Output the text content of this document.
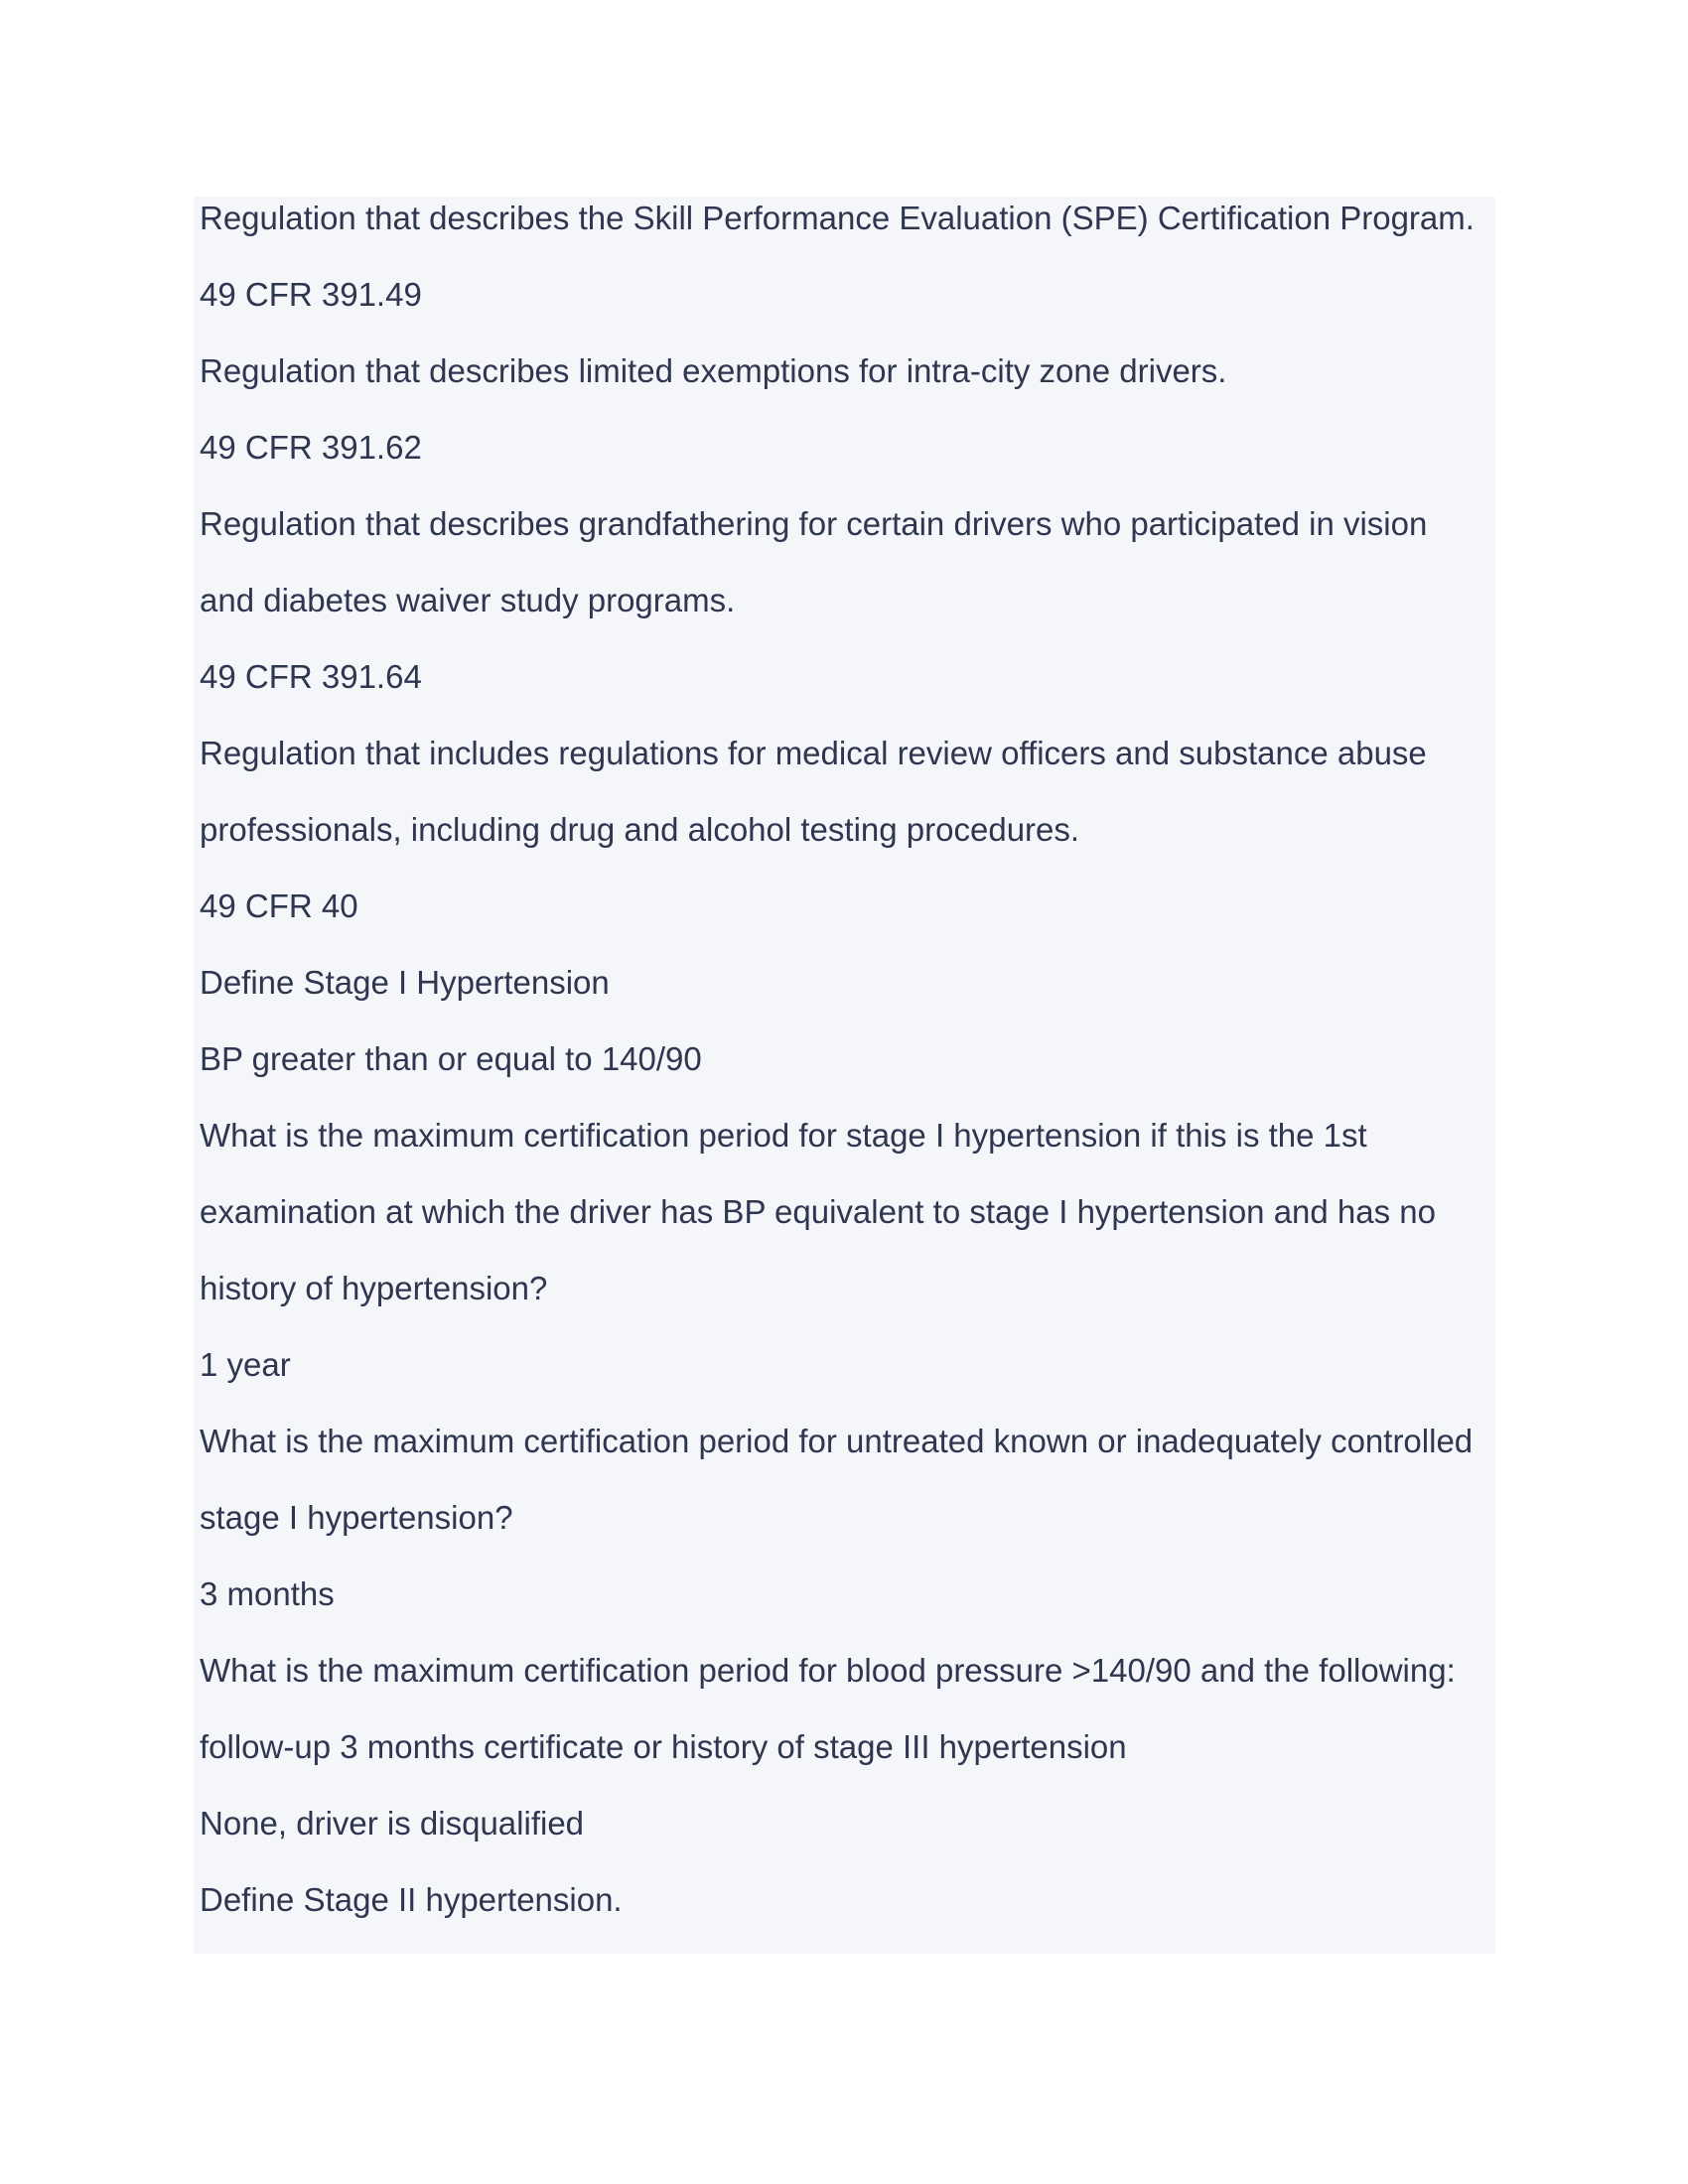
Regulation that describes the Skill Performance Evaluation (SPE) Certification Program.
49 CFR 391.49
Regulation that describes limited exemptions for intra-city zone drivers.
49 CFR 391.62
Regulation that describes grandfathering for certain drivers who participated in vision
and diabetes waiver study programs.
49 CFR 391.64
Regulation that includes regulations for medical review officers and substance abuse
professionals, including drug and alcohol testing procedures.
49 CFR 40
Define Stage I Hypertension
BP greater than or equal to 140/90
What is the maximum certification period for stage I hypertension if this is the 1st
examination at which the driver has BP equivalent to stage I hypertension and has no
history of hypertension?
1 year
What is the maximum certification period for untreated known or inadequately controlled
stage I hypertension?
3 months
What is the maximum certification period for blood pressure >140/90 and the following:
follow-up 3 months certificate or history of stage III hypertension
None, driver is disqualified
Define Stage II hypertension.
